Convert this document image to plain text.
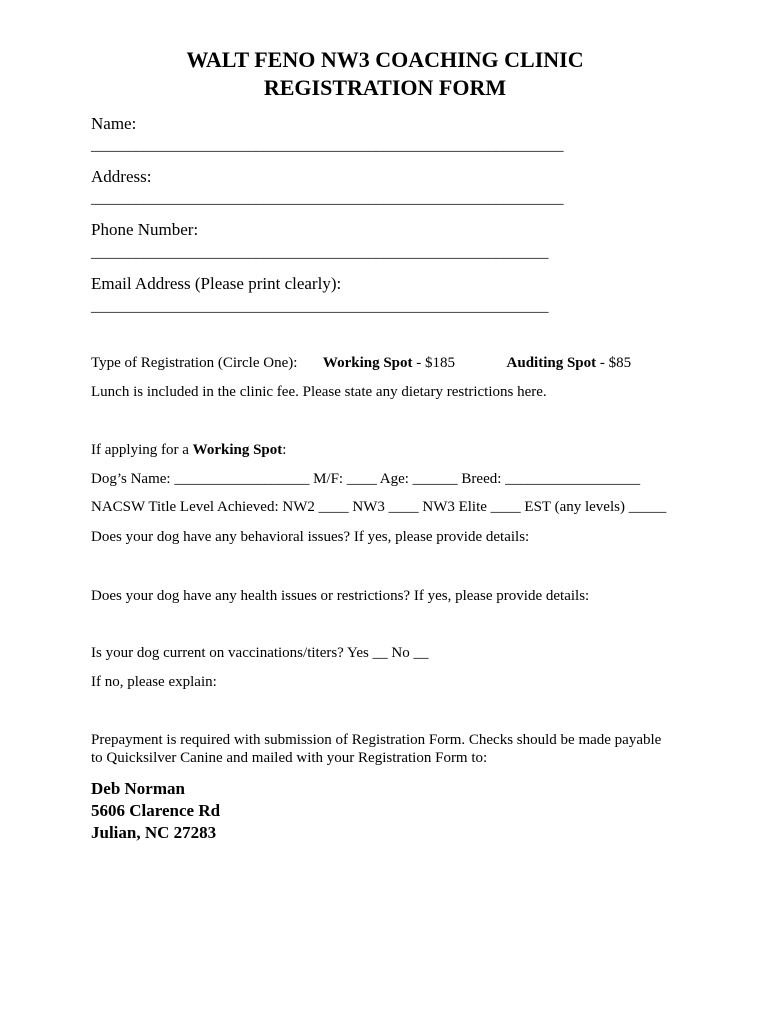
WALT FENO NW3 COACHING CLINIC
REGISTRATION FORM
Name:
_______________________________________________________________
Address:
_______________________________________________________________
Phone Number:
_____________________________________________________________
Email Address (Please print clearly):
_____________________________________________________________
Type of Registration (Circle One): Working Spot - $185	Auditing Spot - $85
Lunch is included in the clinic fee. Please state any dietary restrictions here.
If applying for a Working Spot:
Dog’s Name: __________________ M/F: ____ Age: ______ Breed: __________________
NACSW Title Level Achieved: NW2 ____ NW3 ____ NW3 Elite ____ EST (any levels) _____
Does your dog have any behavioral issues? If yes, please provide details:
Does your dog have any health issues or restrictions? If yes, please provide details:
Is your dog current on vaccinations/titers? Yes __ No __
If no, please explain:
Prepayment is required with submission of Registration Form. Checks should be made payable
to Quicksilver Canine and mailed with your Registration Form to:
Deb Norman
5606 Clarence Rd
Julian, NC 27283
